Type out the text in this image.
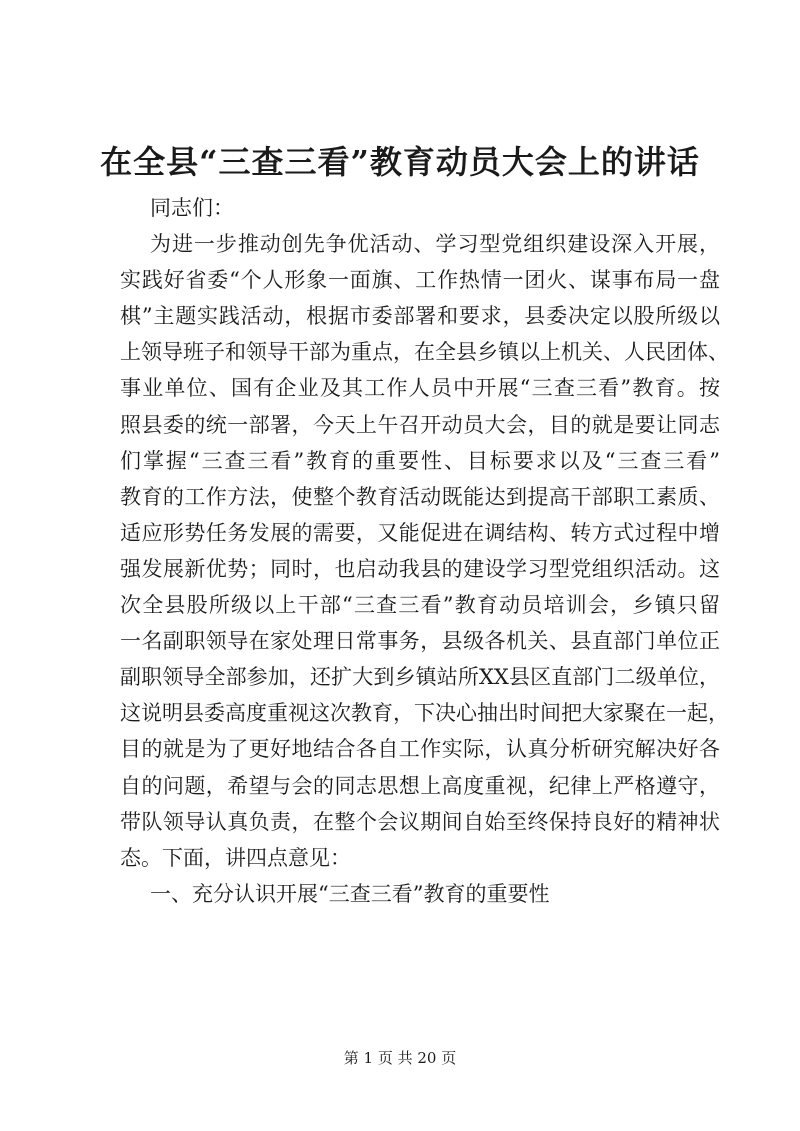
在全县“三查三看”教育动员大会上的讲话
同志们：
为进一步推动创先争优活动、学习型党组织建设深入开展，
实践好省委“个人形象一面旗、工作热情一团火、谋事布局一盘
棋”主题实践活动，根据市委部署和要求，县委决定以股所级以
上领导班子和领导干部为重点，在全县乡镇以上机关、人民团体、
事业单位、国有企业及其工作人员中开展“三查三看”教育。按
照县委的统一部署，今天上午召开动员大会，目的就是要让同志
们掌握“三查三看”教育的重要性、目标要求以及“三查三看”
教育的工作方法，使整个教育活动既能达到提高干部职工素质、
适应形势任务发展的需要，又能促进在调结构、转方式过程中增
强发展新优势；同时，也启动我县的建设学习型党组织活动。这
次全县股所级以上干部“三查三看”教育动员培训会，乡镇只留
一名副职领导在家处理日常事务，县级各机关、县直部门单位正
副职领导全部参加，还扩大到乡镇站所XX县区直部门二级单位，
这说明县委高度重视这次教育，下决心抽出时间把大家聚在一起，
目的就是为了更好地结合各自工作实际，认真分析研究解决好各
自的问题，希望与会的同志思想上高度重视，纪律上严格遵守，
带队领导认真负责，在整个会议期间自始至终保持良好的精神状
态。下面，讲四点意见：
一、充分认识开展“三查三看”教育的重要性
第 1 页 共 20 页
